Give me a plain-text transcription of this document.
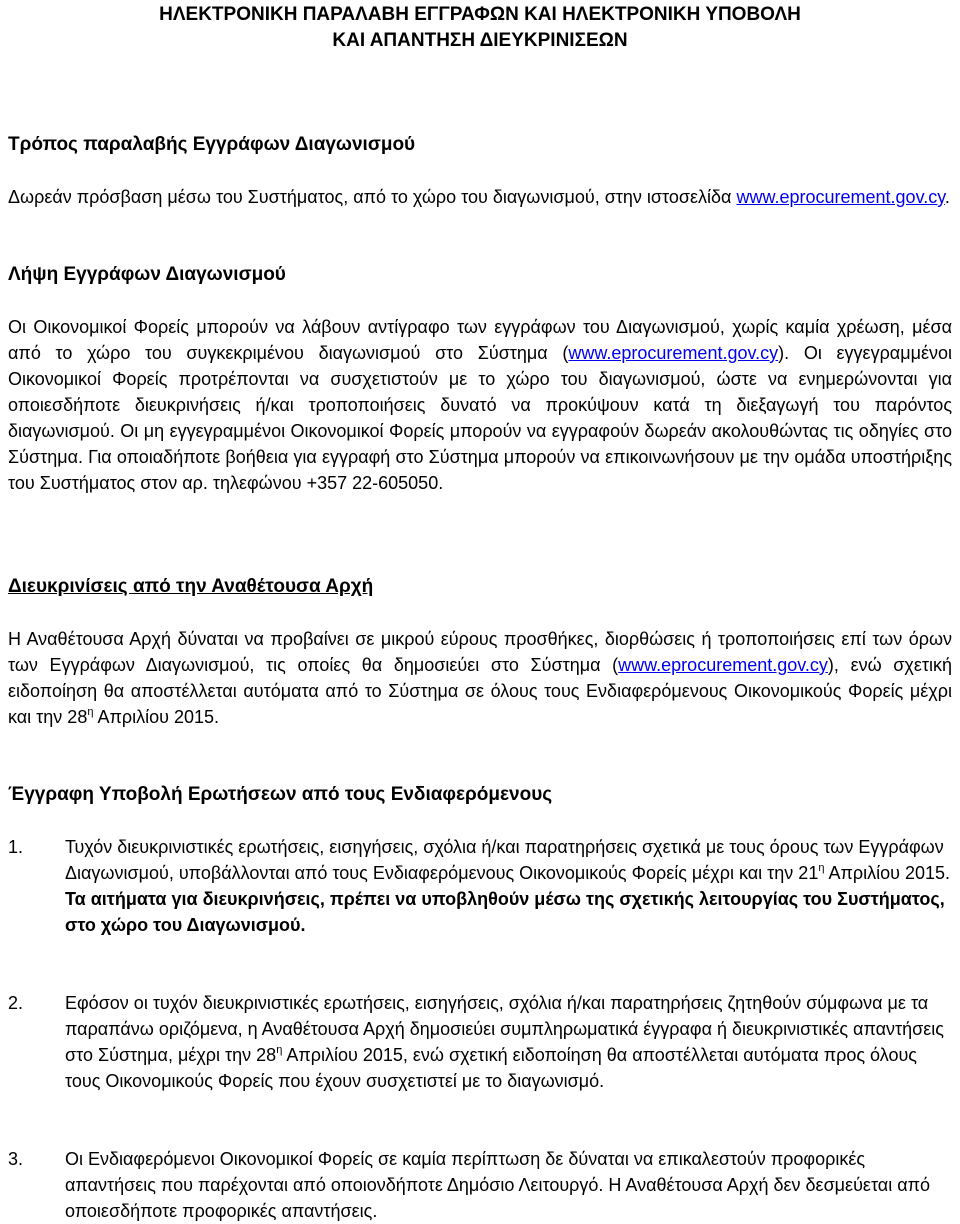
ΗΛΕΚΤΡΟΝΙΚΗ ΠΑΡΑΛΑΒΗ ΕΓΓΡΑΦΩΝ ΚΑΙ ΗΛΕΚΤΡΟΝΙΚΗ ΥΠΟΒΟΛΗ
ΚΑΙ ΑΠΑΝΤΗΣΗ ΔΙΕΥΚΡΙΝΙΣΕΩΝ
Τρόπος παραλαβής Εγγράφων Διαγωνισμού
Δωρεάν πρόσβαση μέσω του Συστήματος, από το χώρο του διαγωνισμού, στην ιστοσελίδα www.eprocurement.gov.cy.
Λήψη Εγγράφων Διαγωνισμού
Οι Οικονομικοί Φορείς μπορούν να λάβουν αντίγραφο των εγγράφων του Διαγωνισμού, χωρίς καμία χρέωση, μέσα από το χώρο του συγκεκριμένου διαγωνισμού στο Σύστημα (www.eprocurement.gov.cy). Οι εγγεγραμμένοι Οικονομικοί Φορείς προτρέπονται να συσχετιστούν με το χώρο του διαγωνισμού, ώστε να ενημερώνονται για οποιεσδήποτε διευκρινήσεις ή/και τροποποιήσεις δυνατό να προκύψουν κατά τη διεξαγωγή του παρόντος διαγωνισμού. Οι μη εγγεγραμμένοι Οικονομικοί Φορείς μπορούν να εγγραφούν δωρεάν ακολουθώντας τις οδηγίες στο Σύστημα. Για οποιαδήποτε βοήθεια για εγγραφή στο Σύστημα μπορούν να επικοινωνήσουν με την ομάδα υποστήριξης του Συστήματος στον αρ. τηλεφώνου +357 22-605050.
Διευκρινίσεις από την Αναθέτουσα Αρχή
Η Αναθέτουσα Αρχή δύναται να προβαίνει σε μικρού εύρους προσθήκες, διορθώσεις ή τροποποιήσεις επί των όρων των Εγγράφων Διαγωνισμού, τις οποίες θα δημοσιεύει στο Σύστημα (www.eprocurement.gov.cy), ενώ σχετική ειδοποίηση θα αποστέλλεται αυτόματα από το Σύστημα σε όλους τους Ενδιαφερόμενους Οικονομικούς Φορείς μέχρι και την $28^\eta$ Απριλίου 2015.
Έγγραφη Υποβολή Ερωτήσεων από τους Ενδιαφερόμενους
1. Τυχόν διευκρινιστικές ερωτήσεις, εισηγήσεις, σχόλια ή/και παρατηρήσεις σχετικά με τους όρους των Εγγράφων Διαγωνισμού, υποβάλλονται από τους Ενδιαφερόμενους Οικονομικούς Φορείς μέχρι και την $21^\eta$ Απριλίου 2015. Τα αιτήματα για διευκρινήσεις, πρέπει να υποβληθούν μέσω της σχετικής λειτουργίας του Συστήματος, στο χώρο του Διαγωνισμού.
2. Εφόσον οι τυχόν διευκρινιστικές ερωτήσεις, εισηγήσεις, σχόλια ή/και παρατηρήσεις ζητηθούν σύμφωνα με τα παραπάνω οριζόμενα, η Αναθέτουσα Αρχή δημοσιεύει συμπληρωματικά έγγραφα ή διευκρινιστικές απαντήσεις στο Σύστημα, μέχρι την $28^\eta$ Απριλίου 2015, ενώ σχετική ειδοποίηση θα αποστέλλεται αυτόματα προς όλους τους Οικονομικούς Φορείς που έχουν συσχετιστεί με το διαγωνισμό.
3. Οι Ενδιαφερόμενοι Οικονομικοί Φορείς σε καμία περίπτωση δε δύναται να επικαλεστούν προφορικές απαντήσεις που παρέχονται από οποιονδήποτε Δημόσιο Λειτουργό. Η Αναθέτουσα Αρχή δεν δεσμεύεται από οποιεσδήποτε προφορικές απαντήσεις.
